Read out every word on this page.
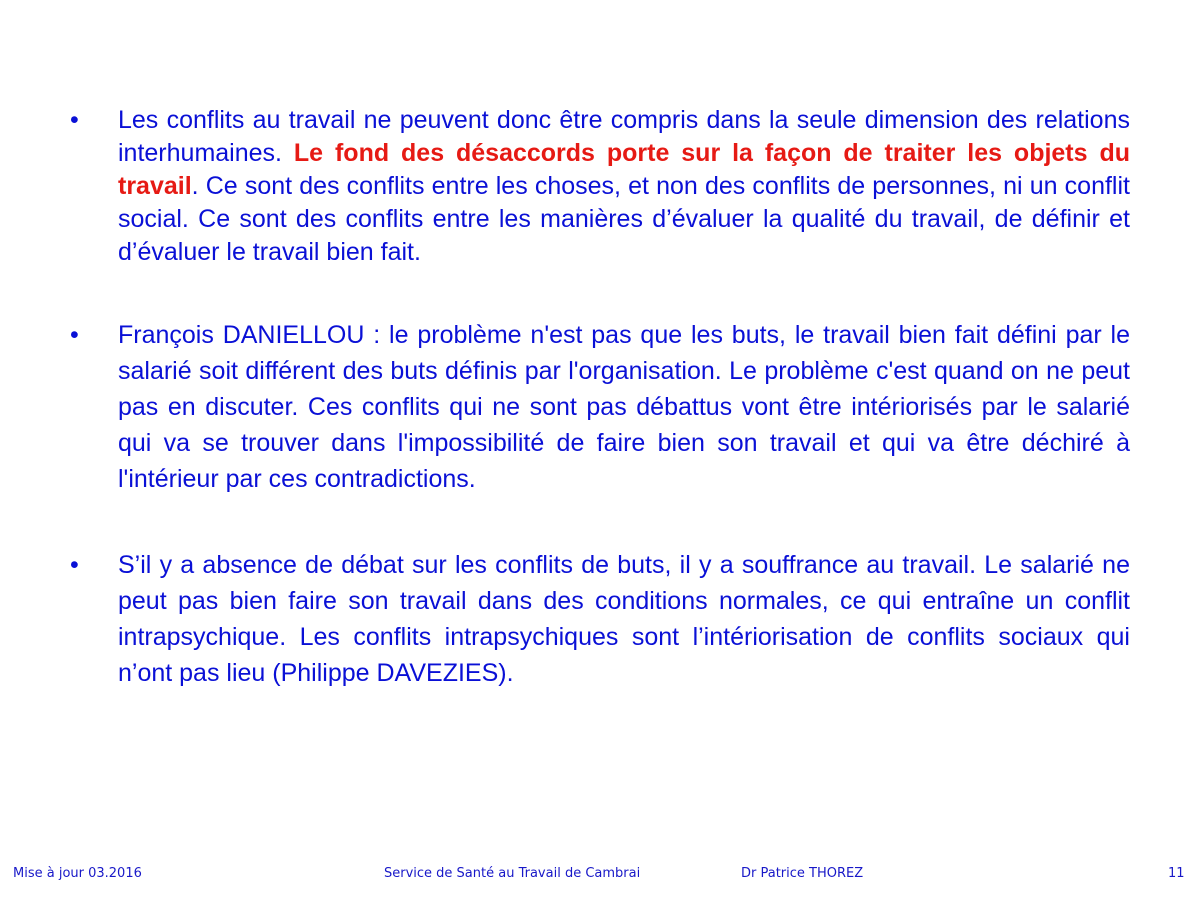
• Les conflits au travail ne peuvent donc être compris dans la seule dimension des relations interhumaines. Le fond des désaccords porte sur la façon de traiter les objets du travail. Ce sont des conflits entre les choses, et non des conflits de personnes, ni un conflit social. Ce sont des conflits entre les manières d’évaluer la qualité du travail, de définir et d’évaluer le travail bien fait.
• François DANIELLOU : le problème n'est pas que les buts, le travail bien fait défini par le salarié soit différent des buts définis par l'organisation. Le problème c'est quand on ne peut pas en discuter. Ces conflits qui ne sont pas débattus vont être intériorisés par le salarié qui va se trouver dans l'impossibilité de faire bien son travail et qui va être déchiré à l'intérieur par ces contradictions.
• S’il y a absence de débat sur les conflits de buts, il y a souffrance au travail. Le salarié ne peut pas bien faire son travail dans des conditions normales, ce qui entraîne un conflit intrapsychique. Les conflits intrapsychiques sont l’intériorisation de conflits sociaux qui n’ont pas lieu (Philippe DAVEZIES).
Mise à jour 03.2016	Service de Santé au Travail de Cambrai	Dr Patrice THOREZ	11
